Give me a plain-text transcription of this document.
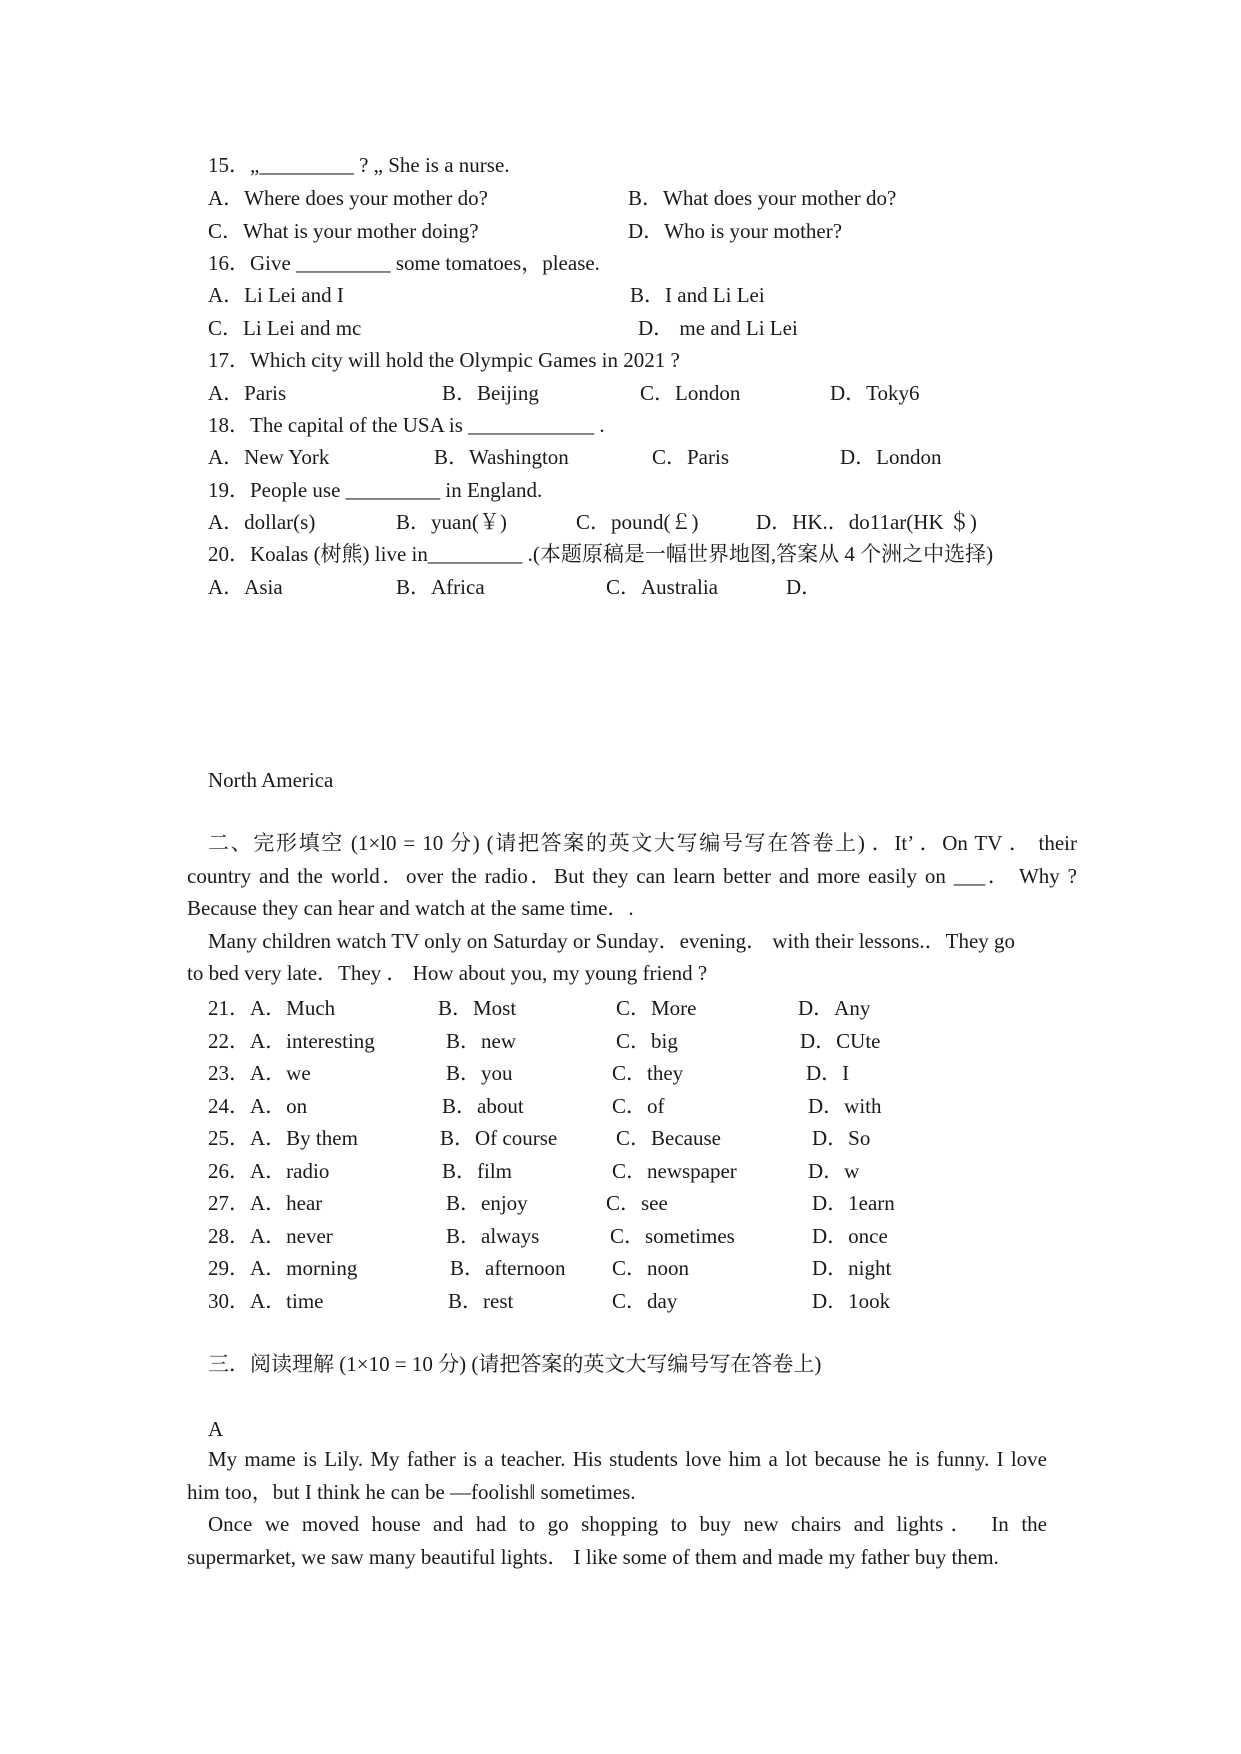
15．„_________ ? „ She is a nurse.
A．Where does your mother do?	B．What does your mother do?
C．What is your mother doing?	D．Who is your mother?
16．Give _________ some tomatoes，please.
A．Li Lei and I	B．I and Li Lei
C．Li Lei and mc	D． me and Li Lei
17．Which city will hold the Olympic Games in 2021 ?
A．Paris	B．Beijing	C．London	D．Toky6
18．The capital of the USA is ____________ .
A．New York	B．Washington	C．Paris	D．London
19．People use _________ in England.
A．dollar(s)	B．yuan(￥)	C．pound(￡)	D．HK.．do11ar(HK ＄)
20．Koalas (树熊) live in_________ .(本题原稿是一幅世界地图,答案从 4 个洲之中选择)
A．Asia	B．Africa	C．Australia	D．
North America
二、完形填空 (1×l0 = 10 分) (请把答案的英文大写编号写在答卷上) ．It’ ．On TV ． their
country and the world．over the radio．But they can learn better and more easily on ___． Why ?
Because they can hear and watch at the same time．.
Many children watch TV only on Saturday or Sunday．evening． with their lessons.．They go
to bed very late．They ． How about you, my young friend ?
21．A．Much	B．Most	C．More	D．Any
22．A．interesting	B．new	C．big	D．CUte
23．A．we	B．you	C．they	D．I
24．A．on	B．about	C．of	D．with
25．A．By them	B．Of course	C．Because	D．So
26．A．radio	B．film	C．newspaper	D．w
27．A．hear	B．enjoy	C．see	D．1earn
28．A．never	B．always	C．sometimes	D．once
29．A．morning	B．afternoon C．noon	D．night
30．A．time	B．rest	C．day	D．1ook
三．阅读理解 (1×10 = 10 分) (请把答案的英文大写编号写在答卷上)
A
My mame is Lily. My father is a teacher. His students love him a lot because he is funny. I love
him too，but I think he can be —foolish‖ sometimes.
Once we moved house and had to go shopping to buy new chairs and lights． In the
supermarket, we saw many beautiful lights． I like some of them and made my father buy them.
